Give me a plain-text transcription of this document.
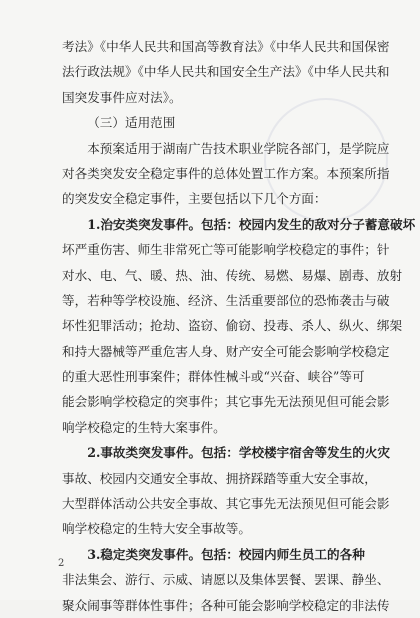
考法》《中华人民共和国高等教育法》《中华人民共和国保密
法行政法规》《中华人民共和国安全生产法》《中华人民共和
国突发事件应对法》。
（三）适用范围
本预案适用于湖南广告技术职业学院各部门，是学院应
对各类突发安全稳定事件的总体处置工作方案。本预案所指
的突发安全稳定事件，主要包括以下几个方面：
1.治安类突发事件。包括：校园内发生的敌对分子蓄意破坏
坏严重伤害、师生非常死亡等可能影响学校稳定的事件；针
对水、电、气、暖、热、油、传统、易燃、易爆、剧毒、放射
等，若种等学校设施、经济、生活重要部位的恐怖袭击与破
坏性犯罪活动；抢劫、盗窃、偷窃、投毒、杀人、纵火、绑架
和持大器械等严重危害人身、财产安全可能会影响学校稳定
的重大恶性刑事案件；群体性械斗或“兴奋、峡谷”等可
能会影响学校稳定的突事件；其它事先无法预见但可能会影
响学校稳定的生特大案事件。
2.事故类突发事件。包括：学校楼宇宿舍等发生的火灾
事故、校园内交通安全事故、拥挤踩踏等重大安全事故，
大型群体活动公共安全事故、其它事先无法预见但可能会影
响学校稳定的生特大安全事故等。
3.稳定类突发事件。包括：校园内师生员工的各种
非法集会、游行、示威、请愿以及集体罢餐、罢课、静坐、
聚众闹事等群体性事件；各种可能会影响学校稳定的非法传
2
